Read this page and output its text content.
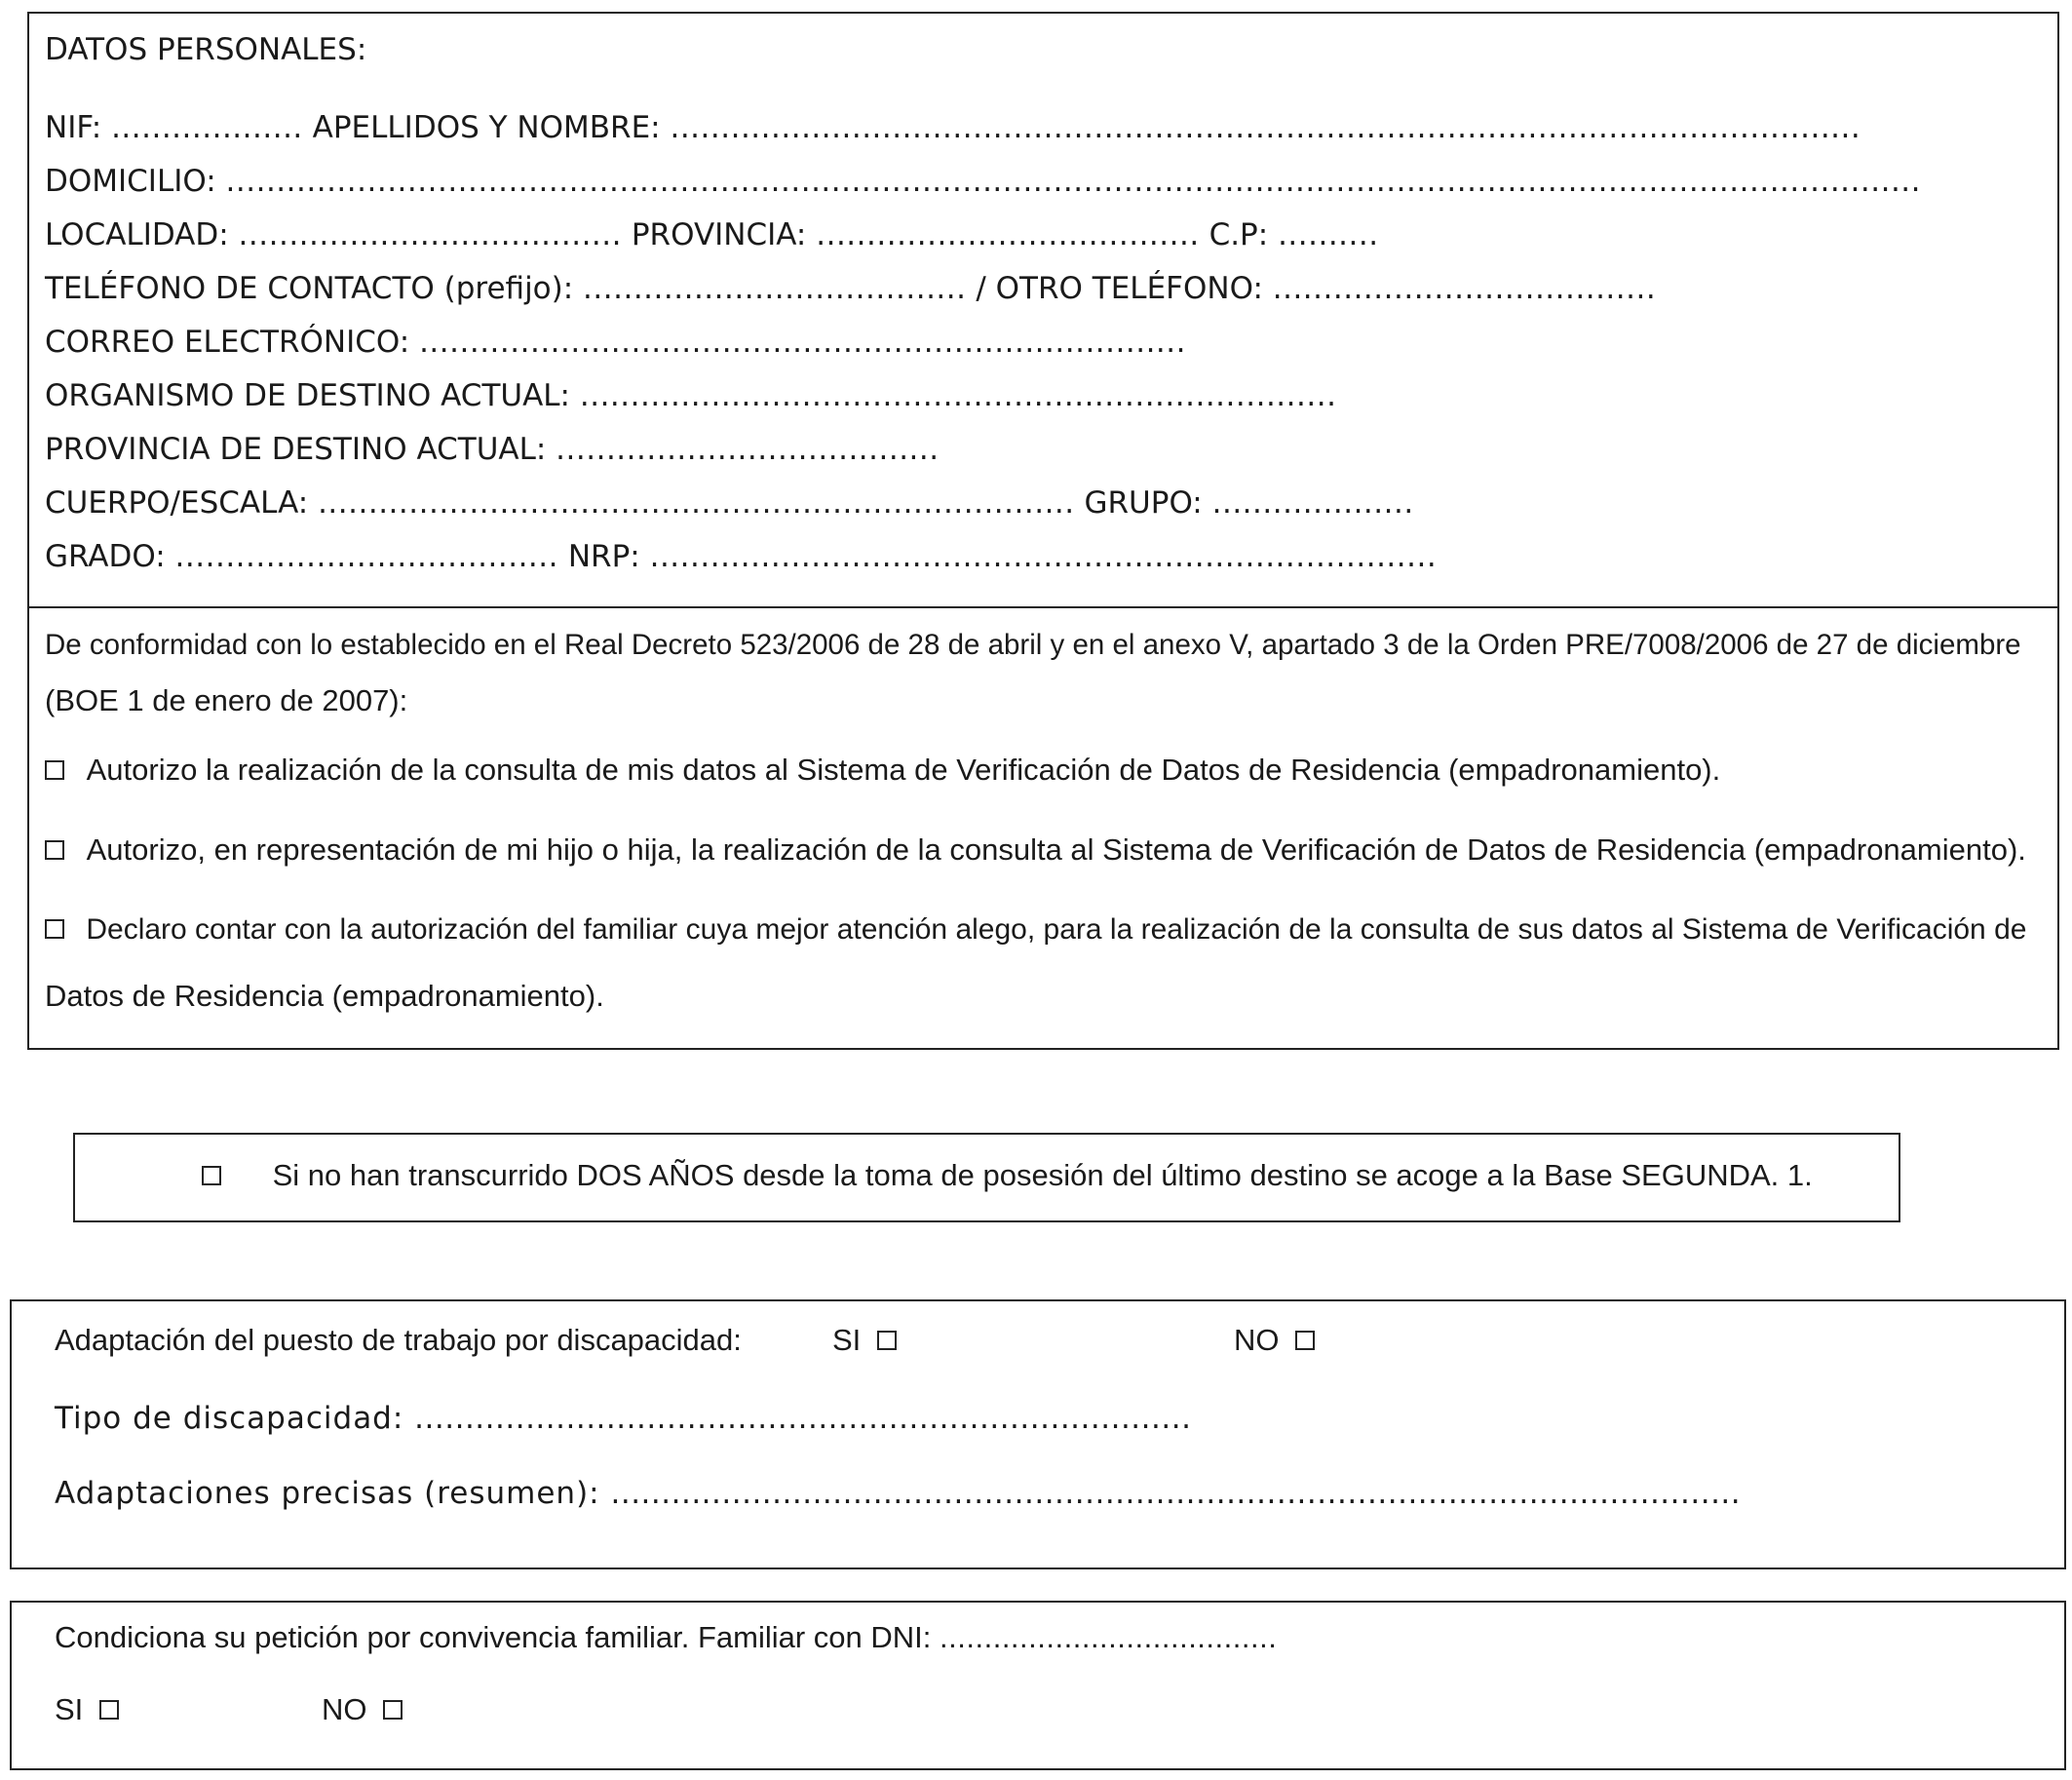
DATOS PERSONALES:
NIF: ................... APELLIDOS Y NOMBRE: ......................................................................................................................
DOMICILIO: ........................................................................................................................................................................
LOCALIDAD: ...................................... PROVINCIA: ...................................... C.P: ..........
TELÉFONO DE CONTACTO (prefijo): ...................................... / OTRO TELÉFONO: ......................................
CORREO ELECTRÓNICO: ............................................................................
ORGANISMO DE DESTINO ACTUAL: ...........................................................................
PROVINCIA DE DESTINO ACTUAL: ......................................
CUERPO/ESCALA: ........................................................................... GRUPO: ....................
GRADO: ...................................... NRP: ..............................................................................
De conformidad con lo establecido en el Real Decreto 523/2006 de 28 de abril y en el anexo V, apartado 3 de la Orden PRE/7008/2006 de 27 de diciembre
(BOE 1 de enero de 2007):
Autorizo la realización de la consulta de mis datos al Sistema de Verificación de Datos de Residencia (empadronamiento).
Autorizo, en representación de mi hijo o hija, la realización de la consulta al Sistema de Verificación de Datos de Residencia (empadronamiento).
Declaro contar con la autorización del familiar cuya mejor atención alego, para la realización de la consulta de sus datos al Sistema de Verificación de
Datos de Residencia (empadronamiento).
Si no han transcurrido DOS AÑOS desde la toma de posesión del último destino se acoge a la Base SEGUNDA. 1.
Adaptación del puesto de trabajo por discapacidad:	SI	NO
Tipo de discapacidad: .............................................................................
Adaptaciones precisas (resumen): ................................................................................................................
Condiciona su petición por convivencia familiar. Familiar con DNI: ......................................
SI	NO
